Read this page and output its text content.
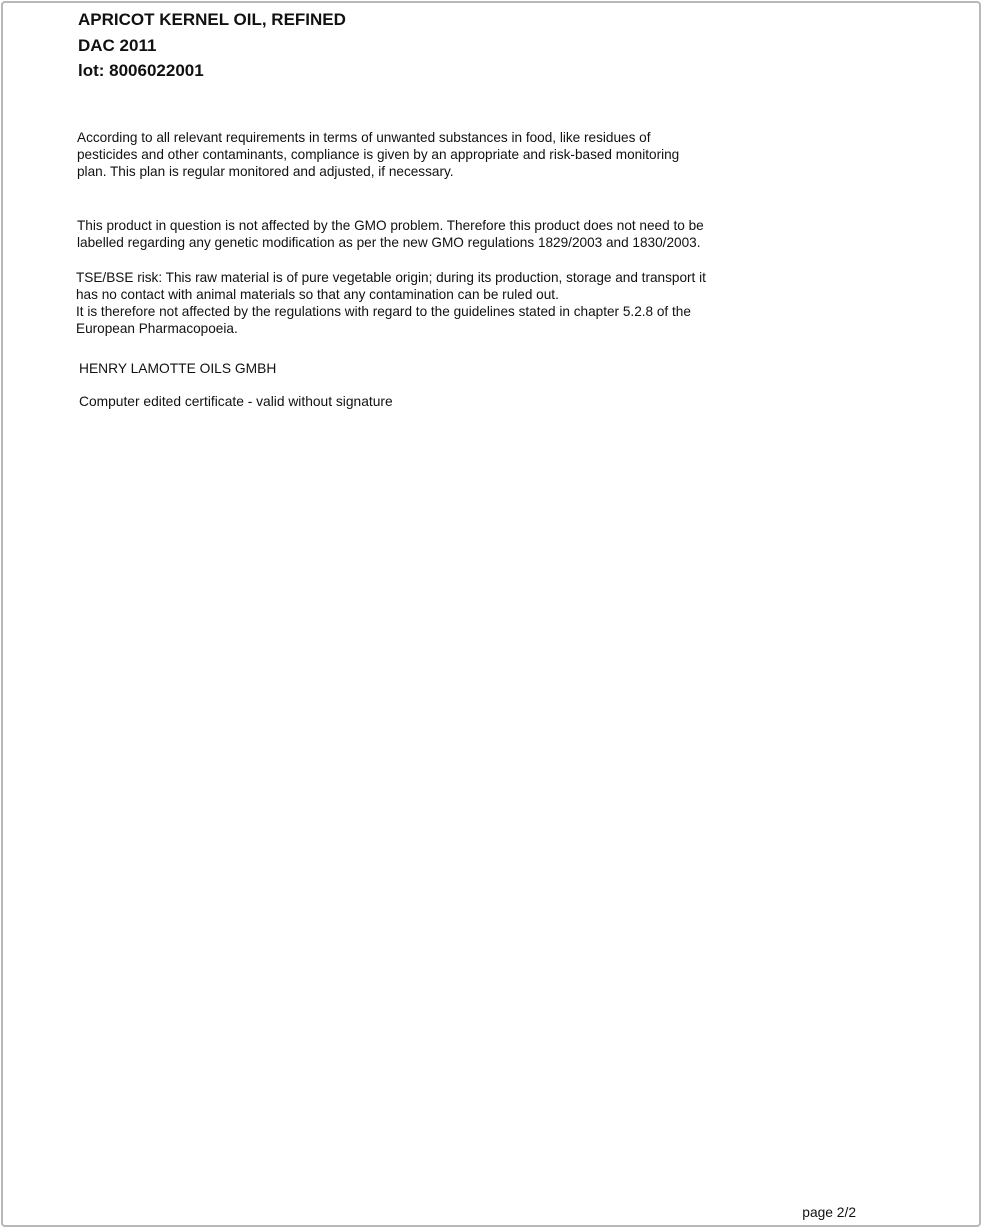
APRICOT KERNEL OIL, REFINED
DAC 2011
lot: 8006022001
According to all relevant requirements in terms of unwanted substances in food, like residues of
pesticides and other contaminants, compliance is given by an appropriate and risk-based monitoring
plan. This plan is regular monitored and adjusted, if necessary.
This product in question is not affected by the GMO problem. Therefore this product does not need to be
labelled regarding any genetic modification as per the new GMO regulations 1829/2003 and 1830/2003.
TSE/BSE risk: This raw material is of pure vegetable origin; during its production, storage and transport it
has no contact with animal materials so that any contamination can be ruled out.
It is therefore not affected by the regulations with regard to the guidelines stated in chapter 5.2.8 of the
European Pharmacopoeia.
HENRY LAMOTTE OILS GMBH
Computer edited certificate - valid without signature
page 2/2
